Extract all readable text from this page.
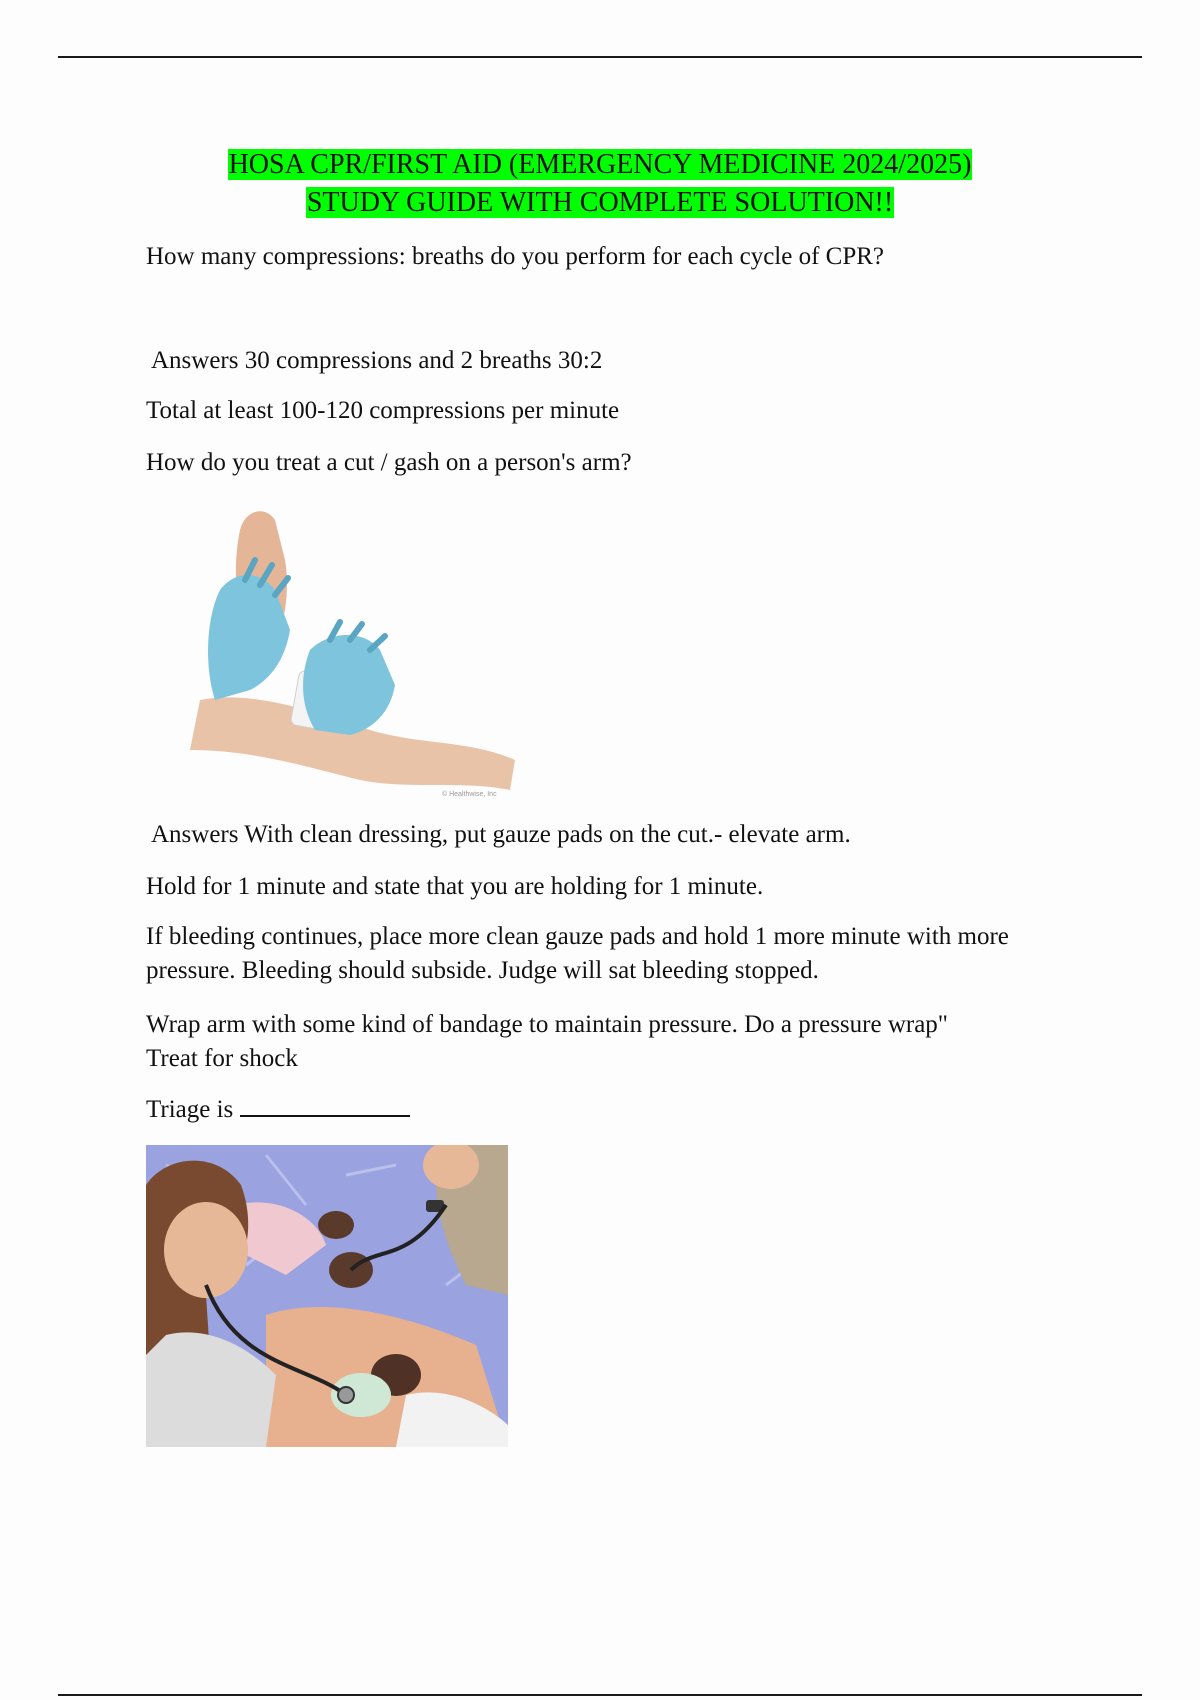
HOSA CPR/FIRST AID (EMERGENCY MEDICINE 2024/2025)
STUDY GUIDE WITH COMPLETE SOLUTION!!

How many compressions: breaths do you perform for each cycle of CPR?

Answers 30 compressions and 2 breaths 30:2

Total at least 100-120 compressions per minute

How do you treat a cut / gash on a person's arm?

© Healthwise, Inc

Answers With clean dressing, put gauze pads on the cut.- elevate arm.

Hold for 1 minute and state that you are holding for 1 minute.

If bleeding continues, place more clean gauze pads and hold 1 more minute with more pressure. Bleeding should subside. Judge will sat bleeding stopped.

Wrap arm with some kind of bandage to maintain pressure. Do a pressure wrap"
Treat for shock

Triage is
